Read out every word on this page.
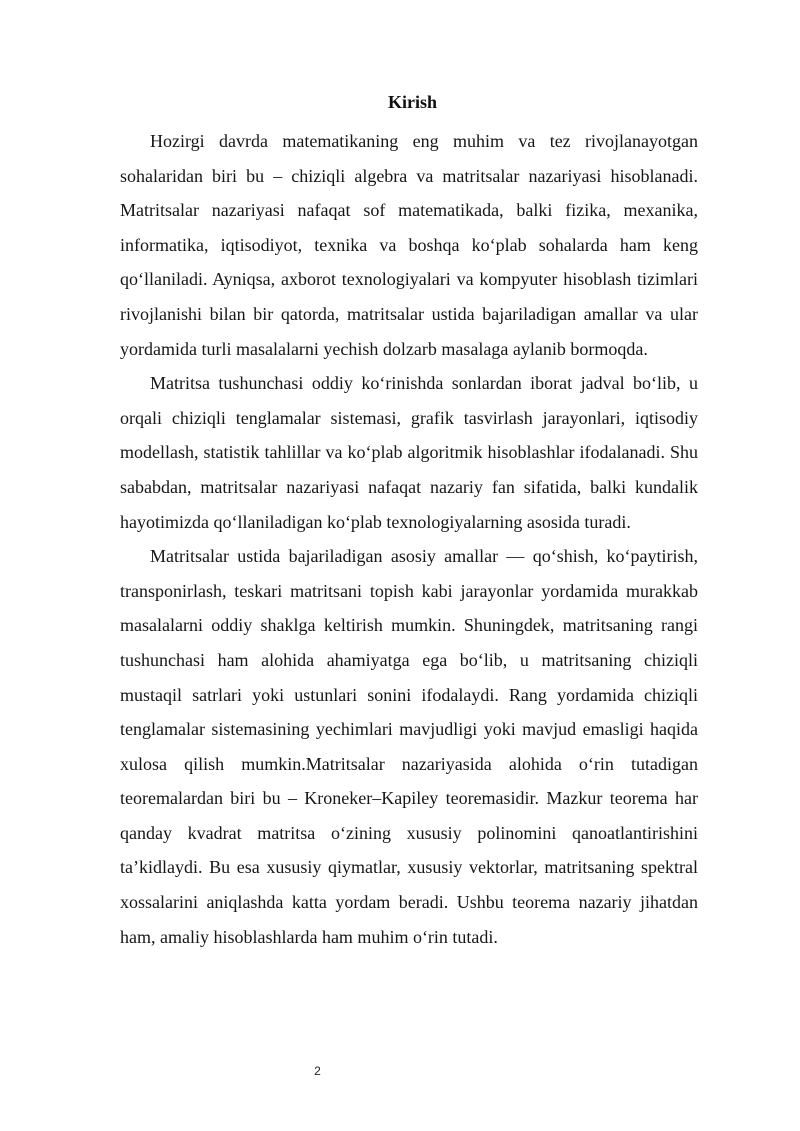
Kirish

Hozirgi davrda matematikaning eng muhim va tez rivojlanayotgan sohalaridan biri bu – chiziqli algebra va matritsalar nazariyasi hisoblanadi. Matritsalar nazariyasi nafaqat sof matematikada, balki fizika, mexanika, informatika, iqtisodiyot, texnika va boshqa ko‘plab sohalarda ham keng qo‘llaniladi. Ayniqsa, axborot texnologiyalari va kompyuter hisoblash tizimlari rivojlanishi bilan bir qatorda, matritsalar ustida bajariladigan amallar va ular yordamida turli masalalarni yechish dolzarb masalaga aylanib bormoqda.

Matritsa tushunchasi oddiy ko‘rinishda sonlardan iborat jadval bo‘lib, u orqali chiziqli tenglamalar sistemasi, grafik tasvirlash jarayonlari, iqtisodiy modellash, statistik tahlillar va ko‘plab algoritmik hisoblashlar ifodalanadi. Shu sababdan, matritsalar nazariyasi nafaqat nazariy fan sifatida, balki kundalik hayotimizda qo‘llaniladigan ko‘plab texnologiyalarning asosida turadi.

Matritsalar ustida bajariladigan asosiy amallar — qo‘shish, ko‘paytirish, transponirlash, teskari matritsani topish kabi jarayonlar yordamida murakkab masalalarni oddiy shaklga keltirish mumkin. Shuningdek, matritsaning rangi tushunchasi ham alohida ahamiyatga ega bo‘lib, u matritsaning chiziqli mustaqil satrlari yoki ustunlari sonini ifodalaydi. Rang yordamida chiziqli tenglamalar sistemasining yechimlari mavjudligi yoki mavjud emasligi haqida xulosa qilish mumkin.Matritsalar nazariyasida alohida o‘rin tutadigan teoremalardan biri bu – Kroneker–Kapiley teoremasidir. Mazkur teorema har qanday kvadrat matritsa o‘zining xususiy polinomini qanoatlantirishini ta’kidlaydi. Bu esa xususiy qiymatlar, xususiy vektorlar, matritsaning spektral xossalarini aniqlashda katta yordam beradi. Ushbu teorema nazariy jihatdan ham, amaliy hisoblashlarda ham muhim o‘rin tutadi.

2
